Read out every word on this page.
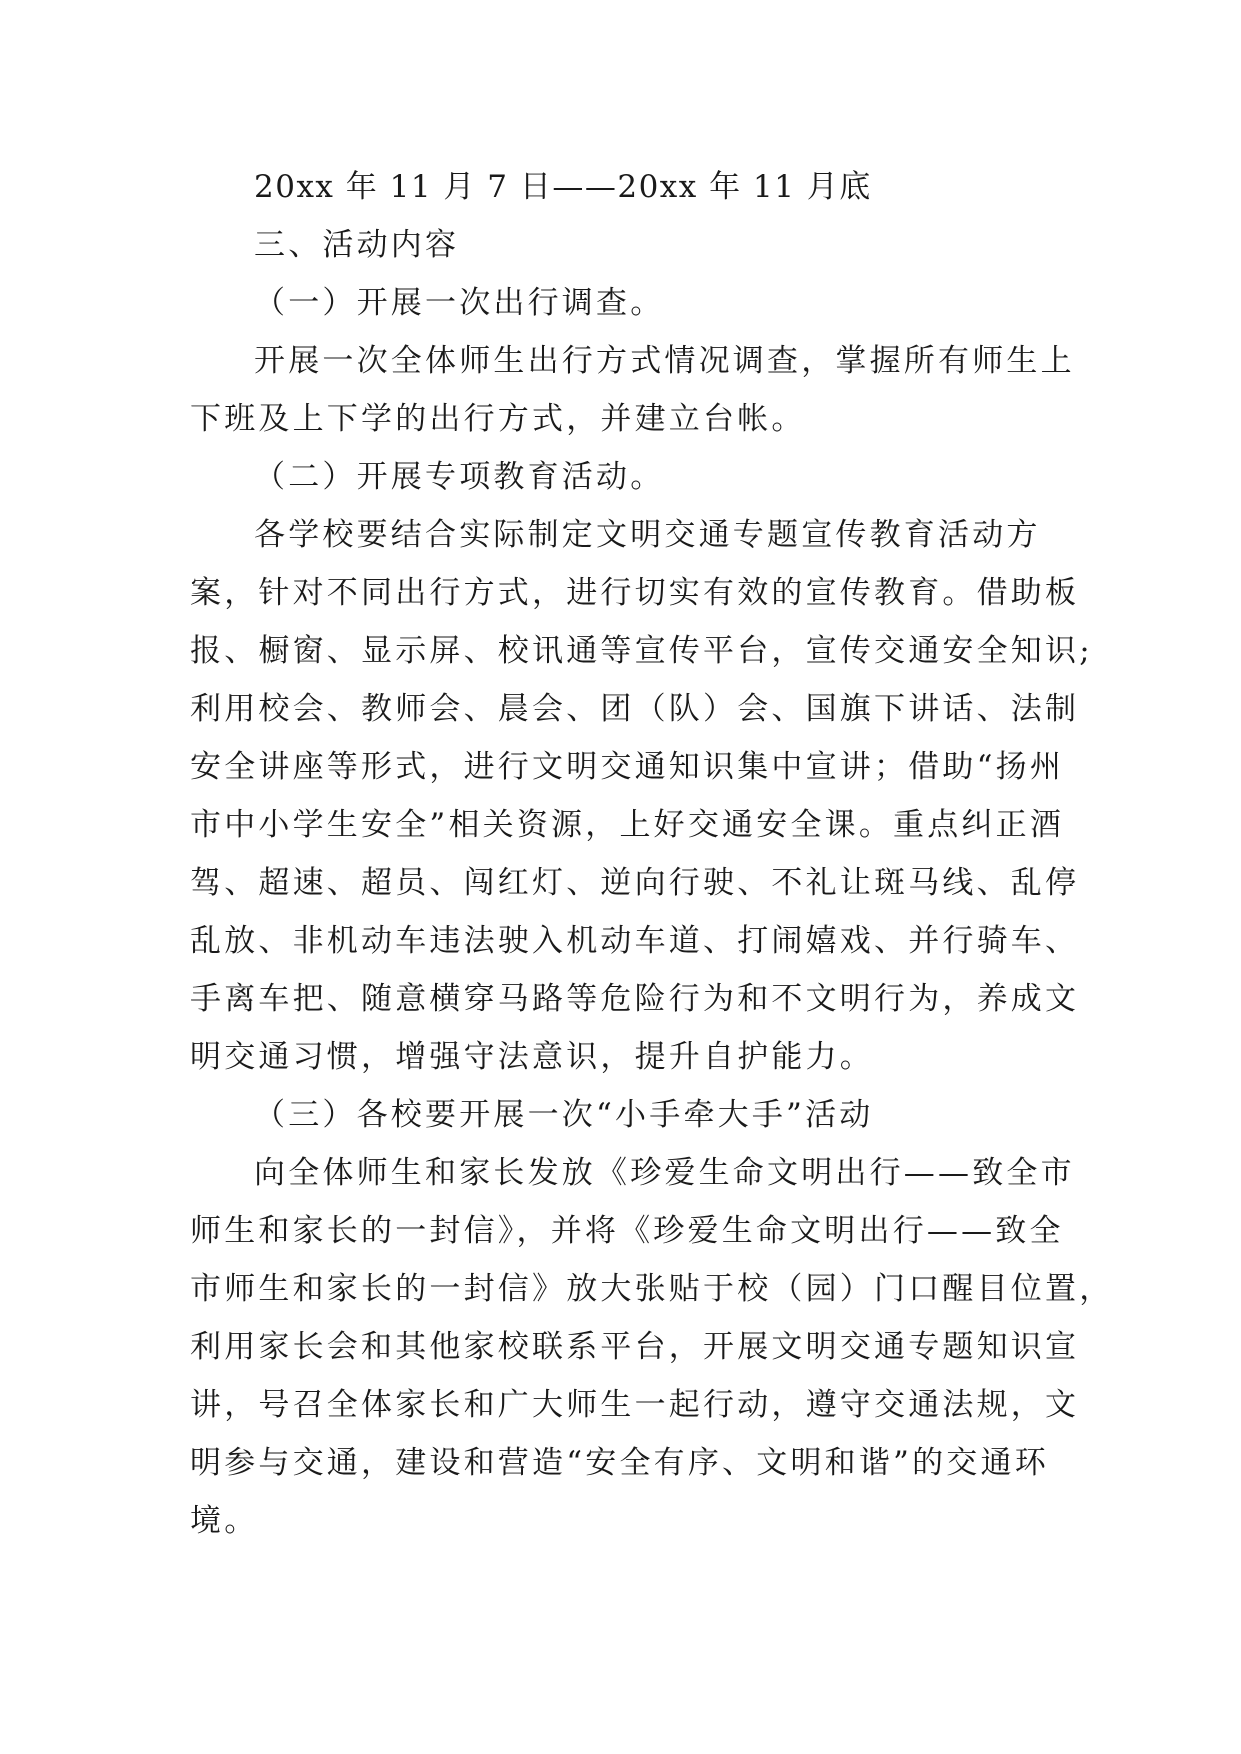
20xx 年 11 月 7 日——20xx 年 11 月底
三、活动内容
（一）开展一次出行调查。
开展一次全体师生出行方式情况调查，掌握所有师生上
下班及上下学的出行方式，并建立台帐。
（二）开展专项教育活动。
各学校要结合实际制定文明交通专题宣传教育活动方
案，针对不同出行方式，进行切实有效的宣传教育。借助板
报、橱窗、显示屏、校讯通等宣传平台，宣传交通安全知识;
利用校会、教师会、晨会、团（队）会、国旗下讲话、法制
安全讲座等形式，进行文明交通知识集中宣讲；借助“扬州
市中小学生安全”相关资源，上好交通安全课。重点纠正酒
驾、超速、超员、闯红灯、逆向行驶、不礼让斑马线、乱停
乱放、非机动车违法驶入机动车道、打闹嬉戏、并行骑车、
手离车把、随意横穿马路等危险行为和不文明行为，养成文
明交通习惯，增强守法意识，提升自护能力。
（三）各校要开展一次“小手牵大手”活动
向全体师生和家长发放《珍爱生命文明出行——致全市
师生和家长的一封信》，并将《珍爱生命文明出行——致全
市师生和家长的一封信》放大张贴于校（园）门口醒目位置，
利用家长会和其他家校联系平台，开展文明交通专题知识宣
讲，号召全体家长和广大师生一起行动，遵守交通法规，文
明参与交通，建设和营造“安全有序、文明和谐”的交通环
境。
